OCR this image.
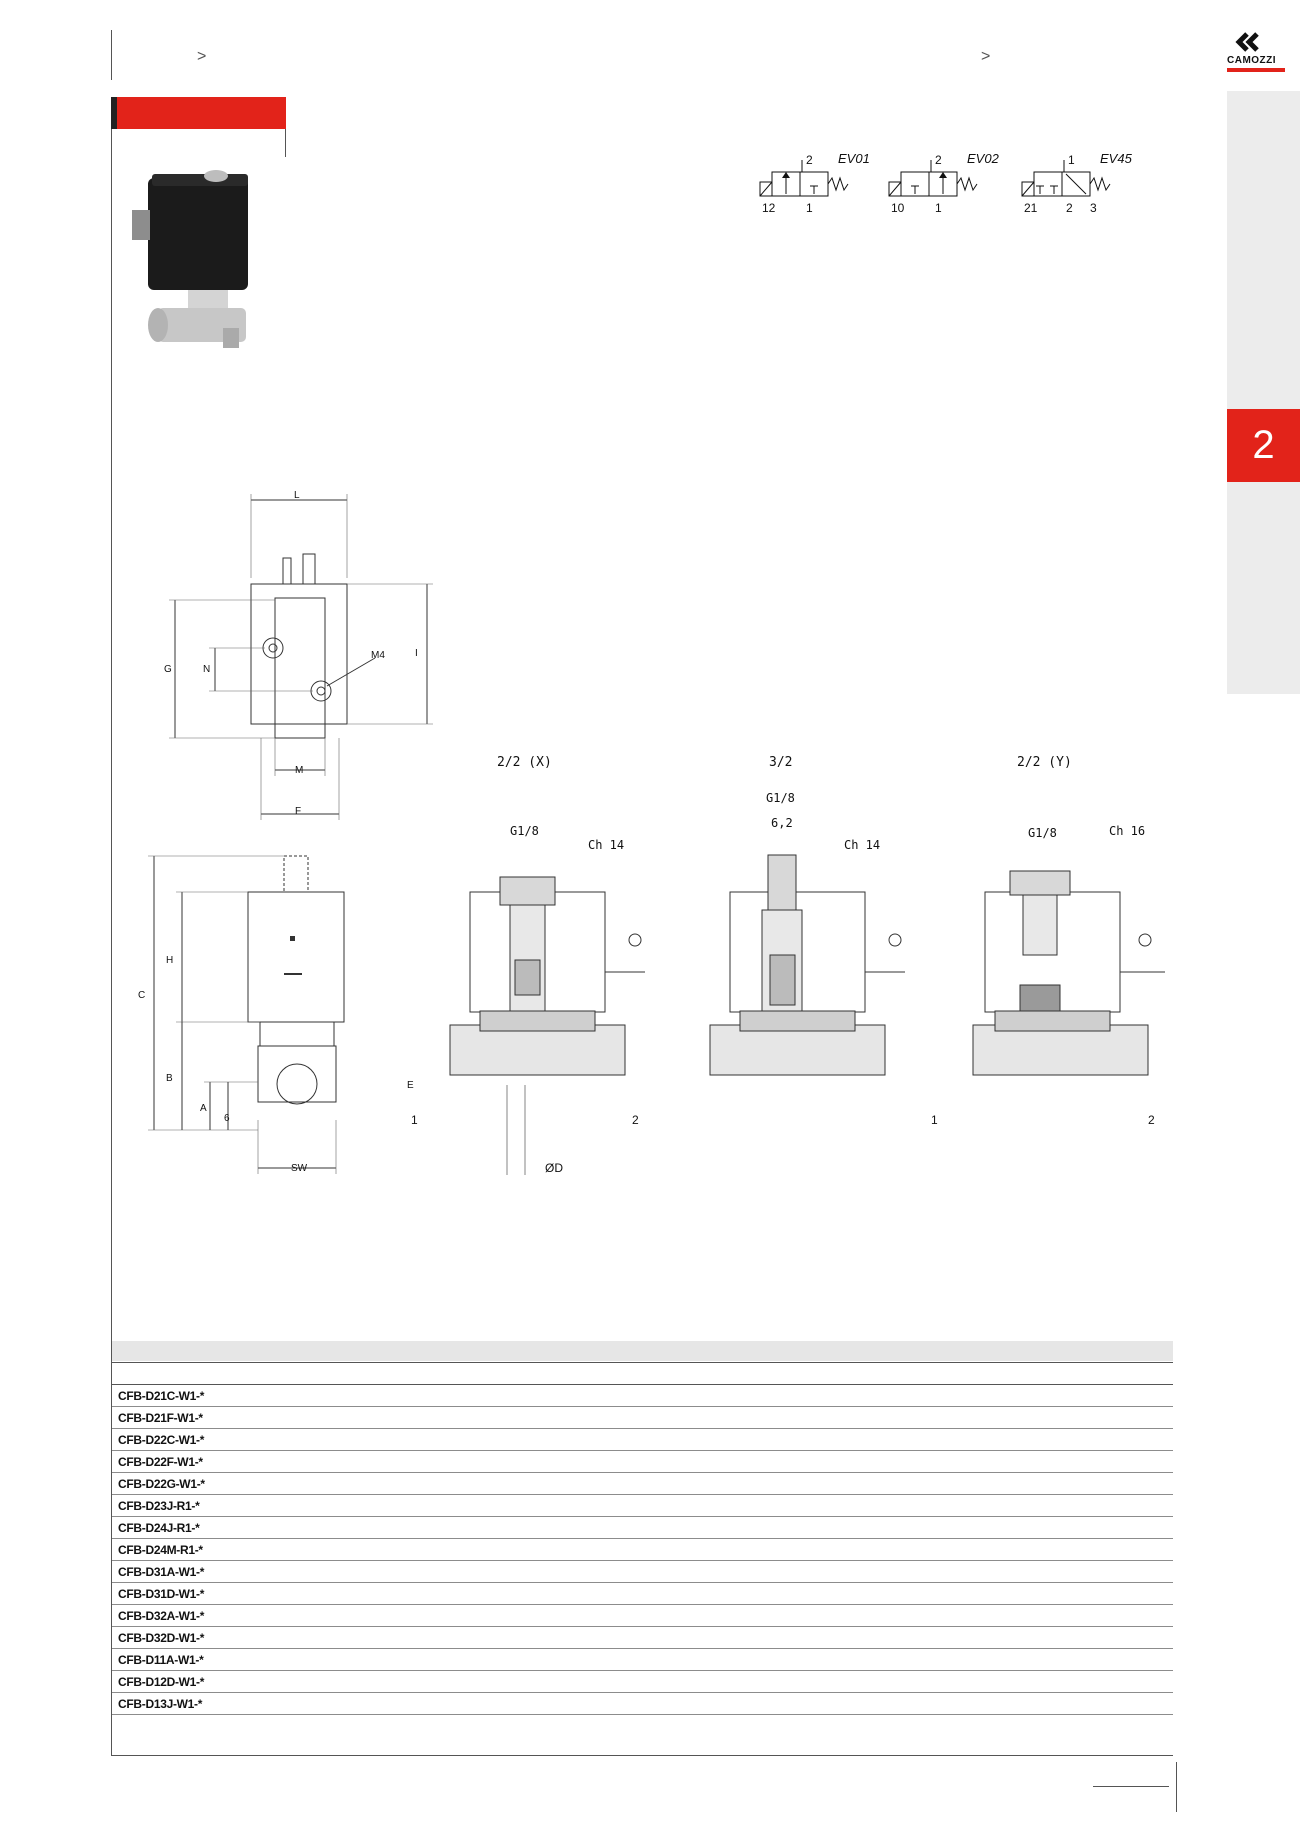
>	>	CAMOZZI
2
2 EV01
12	1
2 EV02
10	1
1 EV45
21 2 3
L
G	N
I
M4
M
F
C
H
B
A
6
SW
2/2 (X)
G1/8
Ch 14
1	2
E
ØD
3/2
G1/8
6,2
Ch 14
2/2 (Y)
G1/8	Ch 16
1	2
CFB-D21C-W1-*
CFB-D21F-W1-*
CFB-D22C-W1-*
CFB-D22F-W1-*
CFB-D22G-W1-*
CFB-D23J-R1-*
CFB-D24J-R1-*
CFB-D24M-R1-*
CFB-D31A-W1-*
CFB-D31D-W1-*
CFB-D32A-W1-*
CFB-D32D-W1-*
CFB-D11A-W1-*
CFB-D12D-W1-*
CFB-D13J-W1-*
